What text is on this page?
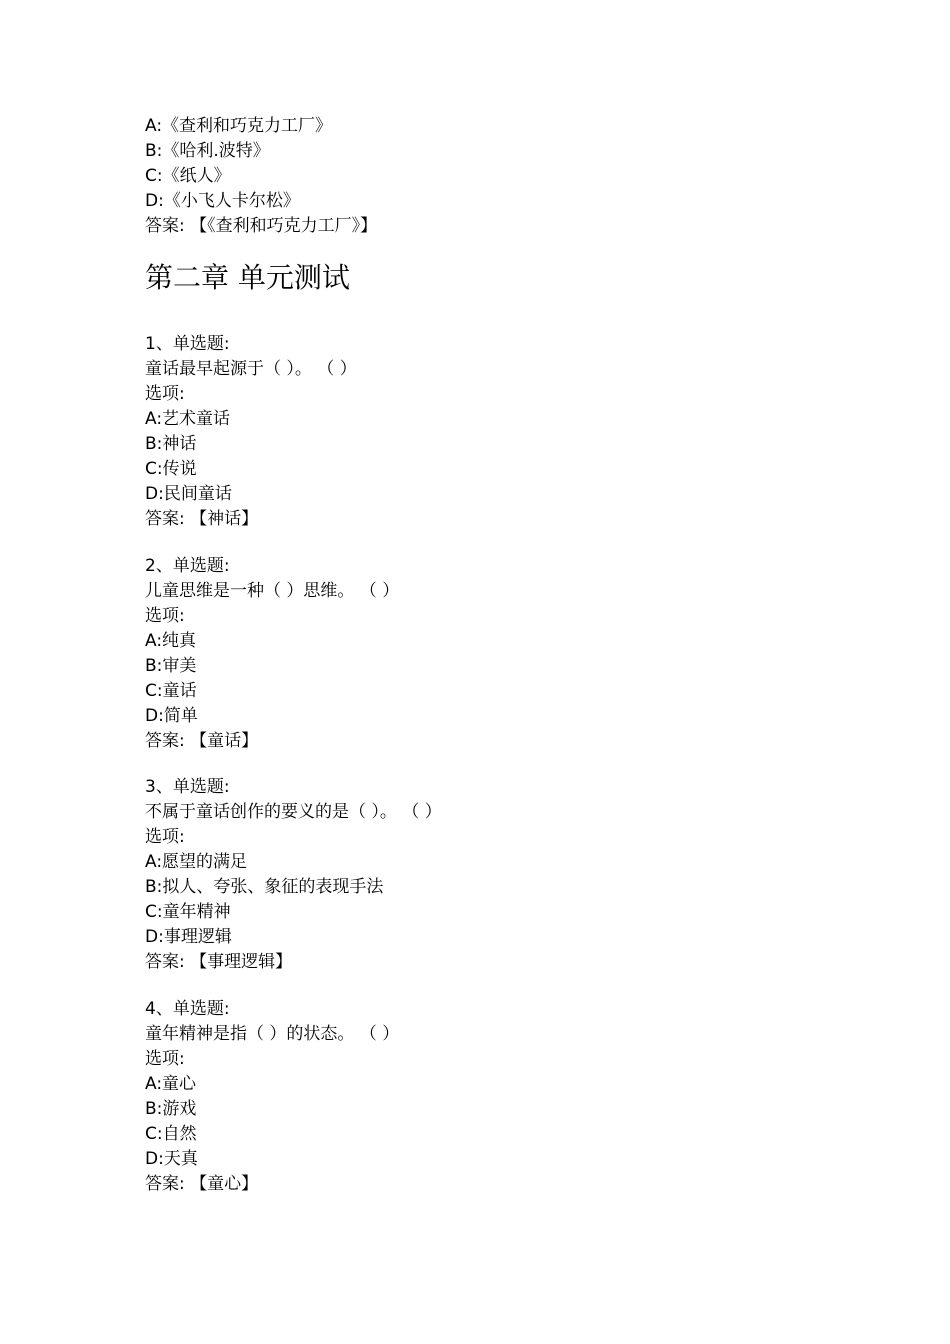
A:《查利和巧克力工厂》
B:《哈利.波特》
C:《纸人》
D:《小飞人卡尔松》
答案: 【《查利和巧克力工厂》】
第二章 单元测试
1、单选题:
童话最早起源于（ ）。 （ ）
选项:
A:艺术童话
B:神话
C:传说
D:民间童话
答案: 【神话】
2、单选题:
儿童思维是一种（ ）思维。 （ ）
选项:
A:纯真
B:审美
C:童话
D:简单
答案: 【童话】
3、单选题:
不属于童话创作的要义的是（ ）。 （ ）
选项:
A:愿望的满足
B:拟人、夸张、象征的表现手法
C:童年精神
D:事理逻辑
答案: 【事理逻辑】
4、单选题:
童年精神是指（ ）的状态。 （ ）
选项:
A:童心
B:游戏
C:自然
D:天真
答案: 【童心】
